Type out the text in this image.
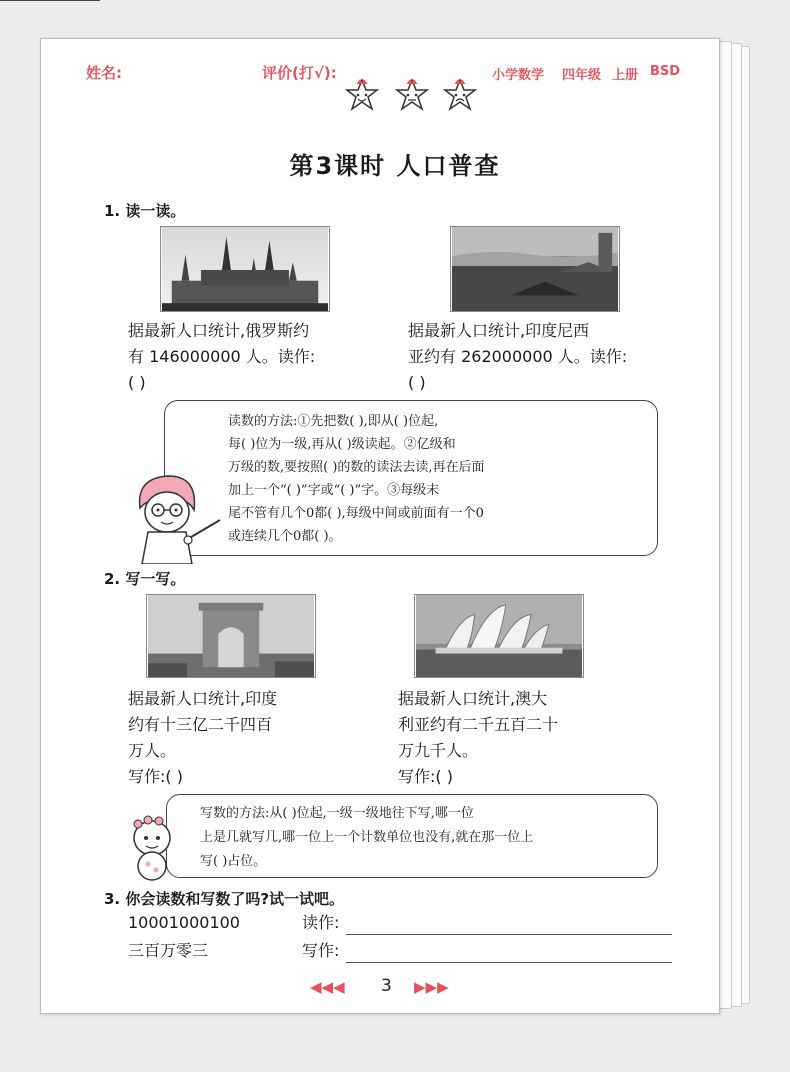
姓名:	评价(打√):	小学数学 四年级 上册 BSD
第3课时 人口普查
1. 读一读。
据最新人口统计,俄罗斯约
有 146000000 人。读作:
( )
据最新人口统计,印度尼西
亚约有 262000000 人。读作:
( )
读数的方法:①先把数( ),即从( )位起,
每( )位为一级,再从( )级读起。②亿级和
万级的数,要按照( )的数的读法去读,再在后面
加上一个“( )”字或“( )”字。③每级末
尾不管有几个0都( ),每级中间或前面有一个0
或连续几个0都( )。
2. 写一写。
据最新人口统计,印度
约有十三亿二千四百
万人。
写作:( )
据最新人口统计,澳大
利亚约有二千五百二十
万九千人。
写作:( )
写数的方法:从( )位起,一级一级地往下写,哪一位
上是几就写几,哪一位上一个计数单位也没有,就在那一位上
写( )占位。
3. 你会读数和写数了吗?试一试吧。
10001000100	读作:
三百万零三	写作:
◀◀◀ 3 ▶▶▶
